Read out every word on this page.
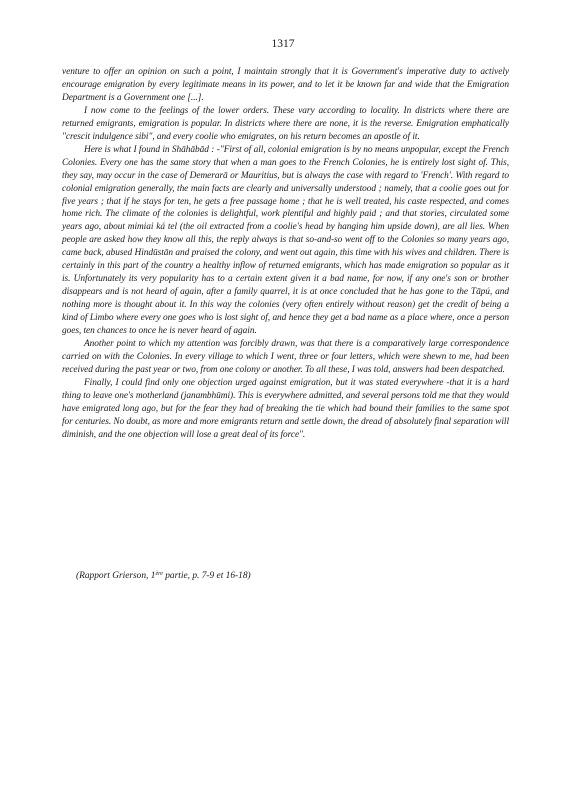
1317

venture to offer an opinion on such a point, I maintain strongly that it is Government's imperative duty to actively encourage emigration by every legitimate means in its power, and to let it be known far and wide that the Emigration Department is a Government one [...].

I now come to the feelings of the lower orders. These vary according to locality. In districts where there are returned emigrants, emigration is popular. In districts where there are none, it is the reverse. Emigration emphatically "crescit indulgence sibi", and every coolie who emigrates, on his return becomes an apostle of it.

Here is what I found in Shāhābād : -"First of all, colonial emigration is by no means unpopular, except the French Colonies. Every one has the same story that when a man goes to the French Colonies, he is entirely lost sight of. This, they say, may occur in the case of Demerarā or Mauritius, but is always the case with regard to 'French'. With regard to colonial emigration generally, the main facts are clearly and universally understood ; namely, that a coolie goes out for five years ; that if he stays for ten, he gets a free passage home ; that he is well treated, his caste respected, and comes home rich. The climate of the colonies is delightful, work plentiful and highly paid ; and that stories, circulated some years ago, about mimiai ká tel (the oil extracted from a coolie's head by hanging him upside down), are all lies. When people are asked how they know all this, the reply always is that so-and-so went off to the Colonies so many years ago, came back, abused Hindūstān and praised the colony, and went out again, this time with his wives and children. There is certainly in this part of the country a healthy inflow of returned emigrants, which has made emigration so popular as it is. Unfortunately its very popularity has to a certain extent given it a bad name, for now, if any one's son or brother disappears and is not heard of again, after a family quarrel, it is at once concluded that he has gone to the Tāpú, and nothing more is thought about it. In this way the colonies (very often entirely without reason) get the credit of being a kind of Limbo where every one goes who is lost sight of, and hence they get a bad name as a place where, once a person goes, ten chances to once he is never heard of again.

Another point to which my attention was forcibly drawn, was that there is a comparatively large correspondence carried on with the Colonies. In every village to which I went, three or four letters, which were shewn to me, had been received during the past year or two, from one colony or another. To all these, I was told, answers had been despatched.

Finally, I could find only one objection urged against emigration, but it was stated everywhere -that it is a hard thing to leave one's motherland (janambhūmi). This is everywhere admitted, and several persons told me that they would have emigrated long ago, but for the fear they had of breaking the tie which had bound their families to the same spot for centuries. No doubt, as more and more emigrants return and settle down, the dread of absolutely final separation will diminish, and the one objection will lose a great deal of its force".

(Rapport Grierson, 1ère partie, p. 7-9 et 16-18)
